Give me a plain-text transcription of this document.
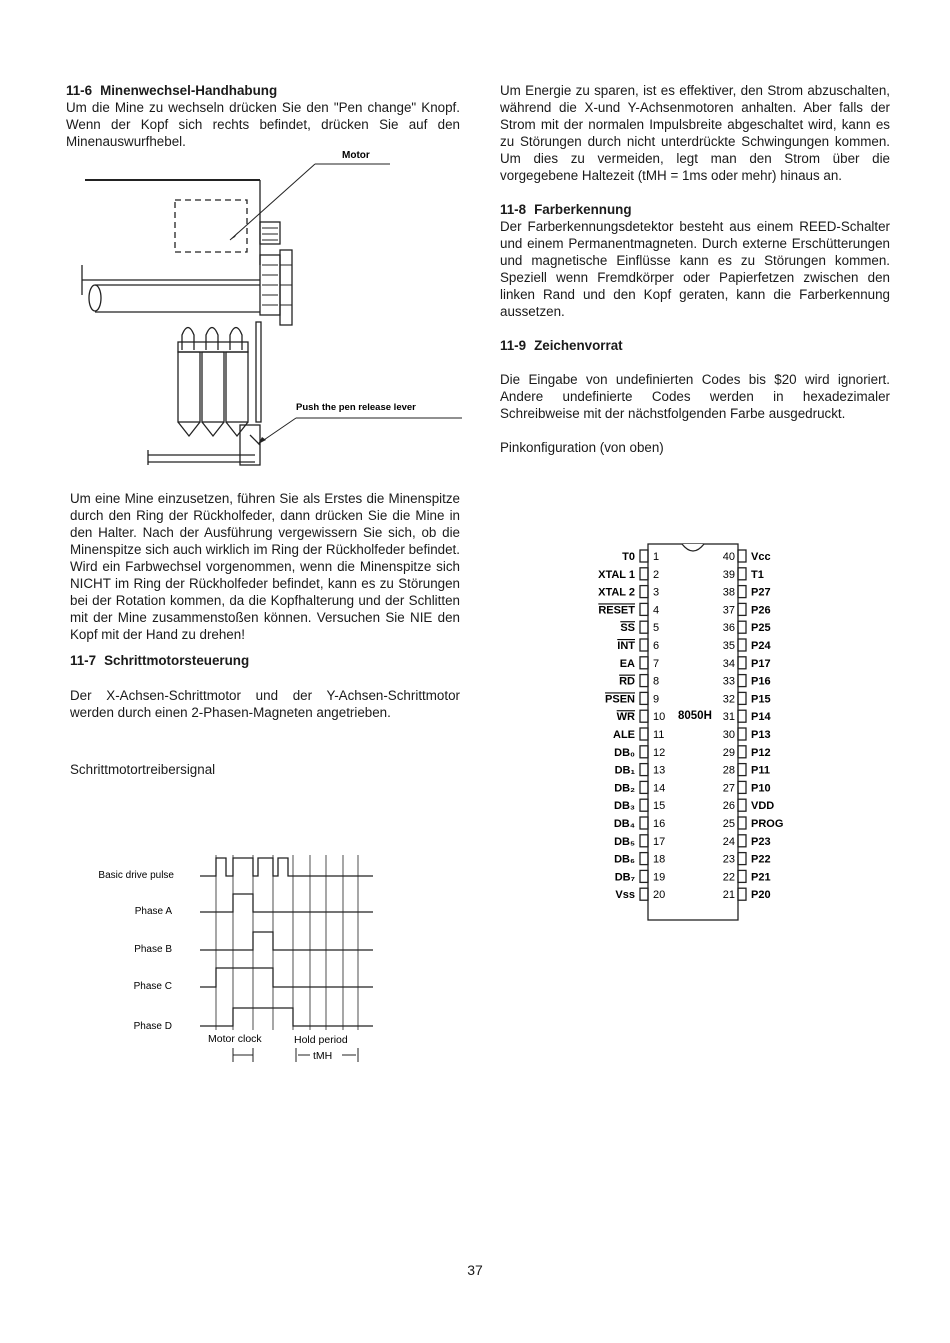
11-6 Minenwechsel-Handhabung

Um die Mine zu wechseln drücken Sie den "Pen change" Knopf. Wenn der Kopf sich rechts befindet, drücken Sie auf den Minenauswurfhebel.

Motor
Push the pen release lever

Um eine Mine einzusetzen, führen Sie als Erstes die Minenspitze durch den Ring der Rückholfeder, dann drücken Sie die Mine in den Halter. Nach der Ausführung vergewissern Sie sich, ob die Minenspitze sich auch wirklich im Ring der Rückholfeder befindet. Wird ein Farbwechsel vorgenommen, wenn die Minenspitze sich NICHT im Ring der Rückholfeder befindet, kann es zu Störungen bei der Rotation kommen, da die Kopfhalterung und der Schlitten mit der Mine zusammenstoßen können. Versuchen Sie NIE den Kopf mit der Hand zu drehen!

11-7 Schrittmotorsteuerung

Der X-Achsen-Schrittmotor und der Y-Achsen-Schrittmotor werden durch einen 2-Phasen-Magneten angetrieben.

Schrittmotortreibersignal

Basic drive pulse
Phase A
Phase B
Phase C
Phase D
Motor clock	Hold period
tMH

Um Energie zu sparen, ist es effektiver, den Strom abzuschalten, während die X-und Y-Achsenmotoren anhalten. Aber falls der Strom mit der normalen Impulsbreite abgeschaltet wird, kann es zu Störungen durch nicht unterdrückte Schwingungen kommen. Um dies zu vermeiden, legt man den Strom über die vorgegebene Haltezeit (tMH = 1ms oder mehr) hinaus an.

11-8 Farberkennung

Der Farberkennungsdetektor besteht aus einem REED-Schalter und einem Permanentmagneten. Durch externe Erschütterungen und magnetische Einflüsse kann es zu Störungen kommen. Speziell wenn Fremdkörper oder Papierfetzen zwischen den linken Rand und den Kopf geraten, kann die Farberkennung aussetzen.

11-9 Zeichenvorrat

Die Eingabe von undefinierten Codes bis $20 wird ignoriert. Andere undefinierte Codes werden in hexadezimaler Schreibweise mit der nächstfolgenden Farbe ausgedruckt.

Pinkonfiguration (von oben)

8050H
T0 1
XTAL 1 2
XTAL 2 3
RESET 4
SS 5
INT 6
EA 7
RD 8
PSEN 9
WR 10
ALE 11
DB₀ 12
DB₁ 13
DB₂ 14
DB₃ 15
DB₄ 16
DB₅ 17
DB₆ 18
DB₇ 19
Vss 20
40 Vcc
39 T1
38 P27
37 P26
36 P25
35 P24
34 P17
33 P16
32 P15
31 P14
30 P13
29 P12
28 P11
27 P10
26 VDD
25 PROG
24 P23
23 P22
22 P21
21 P20
37
